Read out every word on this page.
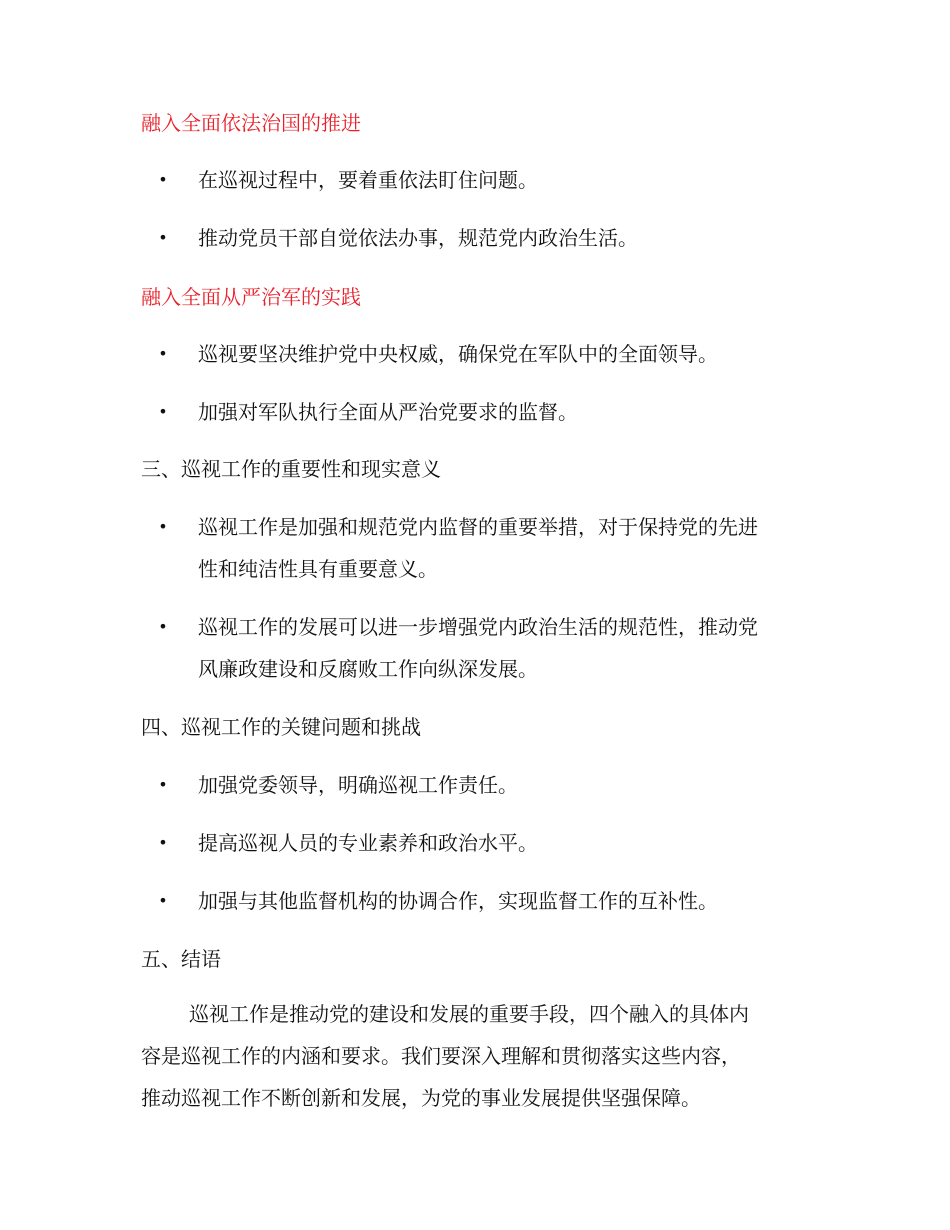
融入全面依法治国的推进
• 在巡视过程中，要着重依法盯住问题。
• 推动党员干部自觉依法办事，规范党内政治生活。
融入全面从严治军的实践
• 巡视要坚决维护党中央权威，确保党在军队中的全面领导。
• 加强对军队执行全面从严治党要求的监督。
三、巡视工作的重要性和现实意义
• 巡视工作是加强和规范党内监督的重要举措，对于保持党的先进
性和纯洁性具有重要意义。
• 巡视工作的发展可以进一步增强党内政治生活的规范性，推动党
风廉政建设和反腐败工作向纵深发展。
四、巡视工作的关键问题和挑战
• 加强党委领导，明确巡视工作责任。
• 提高巡视人员的专业素养和政治水平。
• 加强与其他监督机构的协调合作，实现监督工作的互补性。
五、结语
巡视工作是推动党的建设和发展的重要手段，四个融入的具体内
容是巡视工作的内涵和要求。我们要深入理解和贯彻落实这些内容，
推动巡视工作不断创新和发展，为党的事业发展提供坚强保障。
